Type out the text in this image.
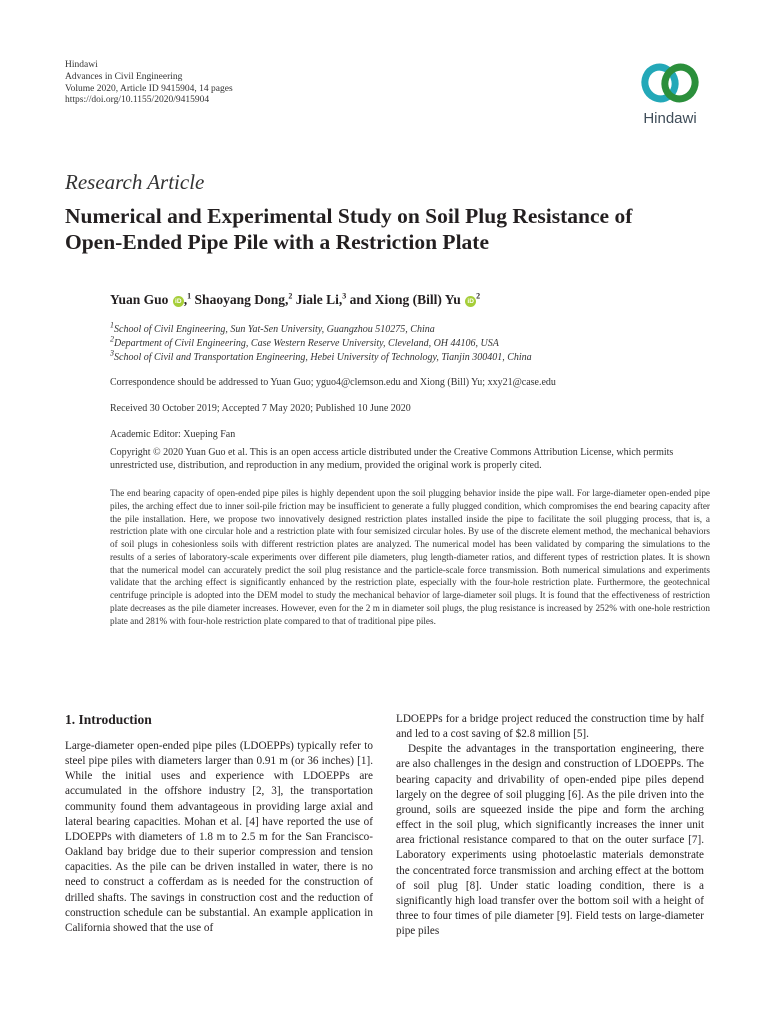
Hindawi
Advances in Civil Engineering
Volume 2020, Article ID 9415904, 14 pages
https://doi.org/10.1155/2020/9415904
Hindawi
Research Article
Numerical and Experimental Study on Soil Plug Resistance of
Open-Ended Pipe Pile with a Restriction Plate
Yuan Guo iD ,$^1$ Shaoyang Dong,$^2$ Jiale Li,$^3$ and Xiong (Bill) Yu $iD^2$
$^1$School of Civil Engineering, Sun Yat-Sen University, Guangzhou 510275, China
$^2$Department of Civil Engineering, Case Western Reserve University, Cleveland, OH 44106, USA
$^3$School of Civil and Transportation Engineering, Hebei University of Technology, Tianjin 300401, China
Correspondence should be addressed to Yuan Guo; yguo4@clemson.edu and Xiong (Bill) Yu; xxy21@case.edu
Received 30 October 2019; Accepted 7 May 2020; Published 10 June 2020
Academic Editor: Xueping Fan
Copyright © 2020 Yuan Guo et al. This is an open access article distributed under the Creative Commons Attribution License, which permits unrestricted use, distribution, and reproduction in any medium, provided the original work is properly cited.
The end bearing capacity of open-ended pipe piles is highly dependent upon the soil plugging behavior inside the pipe wall. For large-diameter open-ended pipe piles, the arching effect due to inner soil-pile friction may be insufficient to generate a fully plugged condition, which compromises the end bearing capacity after the pile installation. Here, we propose two innovatively designed restriction plates installed inside the pipe to facilitate the soil plugging process, that is, a restriction plate with one circular hole and a restriction plate with four semisized circular holes. By use of the discrete element method, the mechanical behaviors of soil plugs in cohesionless soils with different restriction plates are analyzed. The numerical model has been validated by comparing the simulations to the results of a series of laboratory-scale experiments over different pile diameters, plug length-diameter ratios, and different types of restriction plates. It is shown that the numerical model can accurately predict the soil plug resistance and the particle-scale force transmission. Both numerical simulations and experiments validate that the arching effect is significantly enhanced by the restriction plate, especially with the four-hole restriction plate. Furthermore, the geotechnical centrifuge principle is adopted into the DEM model to study the mechanical behavior of large-diameter soil plugs. It is found that the effectiveness of restriction plate decreases as the pile diameter increases. However, even for the 2 m in diameter soil plugs, the plug resistance is increased by 252% with one-hole restriction plate and 281% with four-hole restriction plate compared to that of traditional pipe piles.
1. Introduction

Large-diameter open-ended pipe piles (LDOEPPs) typically refer to steel pipe piles with diameters larger than 0.91 m (or 36 inches) [1]. While the initial uses and experience with LDOEPPs are accumulated in the offshore industry [2, 3], the transportation community found them advantageous in providing large axial and lateral bearing capacities. Mohan et al. [4] have reported the use of LDOEPPs with diameters of 1.8 m to 2.5 m for the San Francisco-Oakland bay bridge due to their superior compression and tension capacities. As the pile can be driven installed in water, there is no need to construct a cofferdam as is needed for the construction of drilled shafts. The savings in construction cost and the reduction of construction schedule can be substantial. An example application in California showed that the use of

LDOEPPs for a bridge project reduced the construction time by half and led to a cost saving of $2.8 million [5].

Despite the advantages in the transportation engineering, there are also challenges in the design and construction of LDOEPPs. The bearing capacity and drivability of open-ended pipe piles depend largely on the degree of soil plugging [6]. As the pile driven into the ground, soils are squeezed inside the pipe and form the arching effect in the soil plug, which significantly increases the inner unit area frictional resistance compared to that on the outer surface [7]. Laboratory experiments using photoelastic materials demonstrate the concentrated force transmission and arching effect at the bottom of soil plug [8]. Under static loading condition, there is a significantly high load transfer over the bottom soil with a height of three to four times of pile diameter [9]. Field tests on large-diameter pipe piles
